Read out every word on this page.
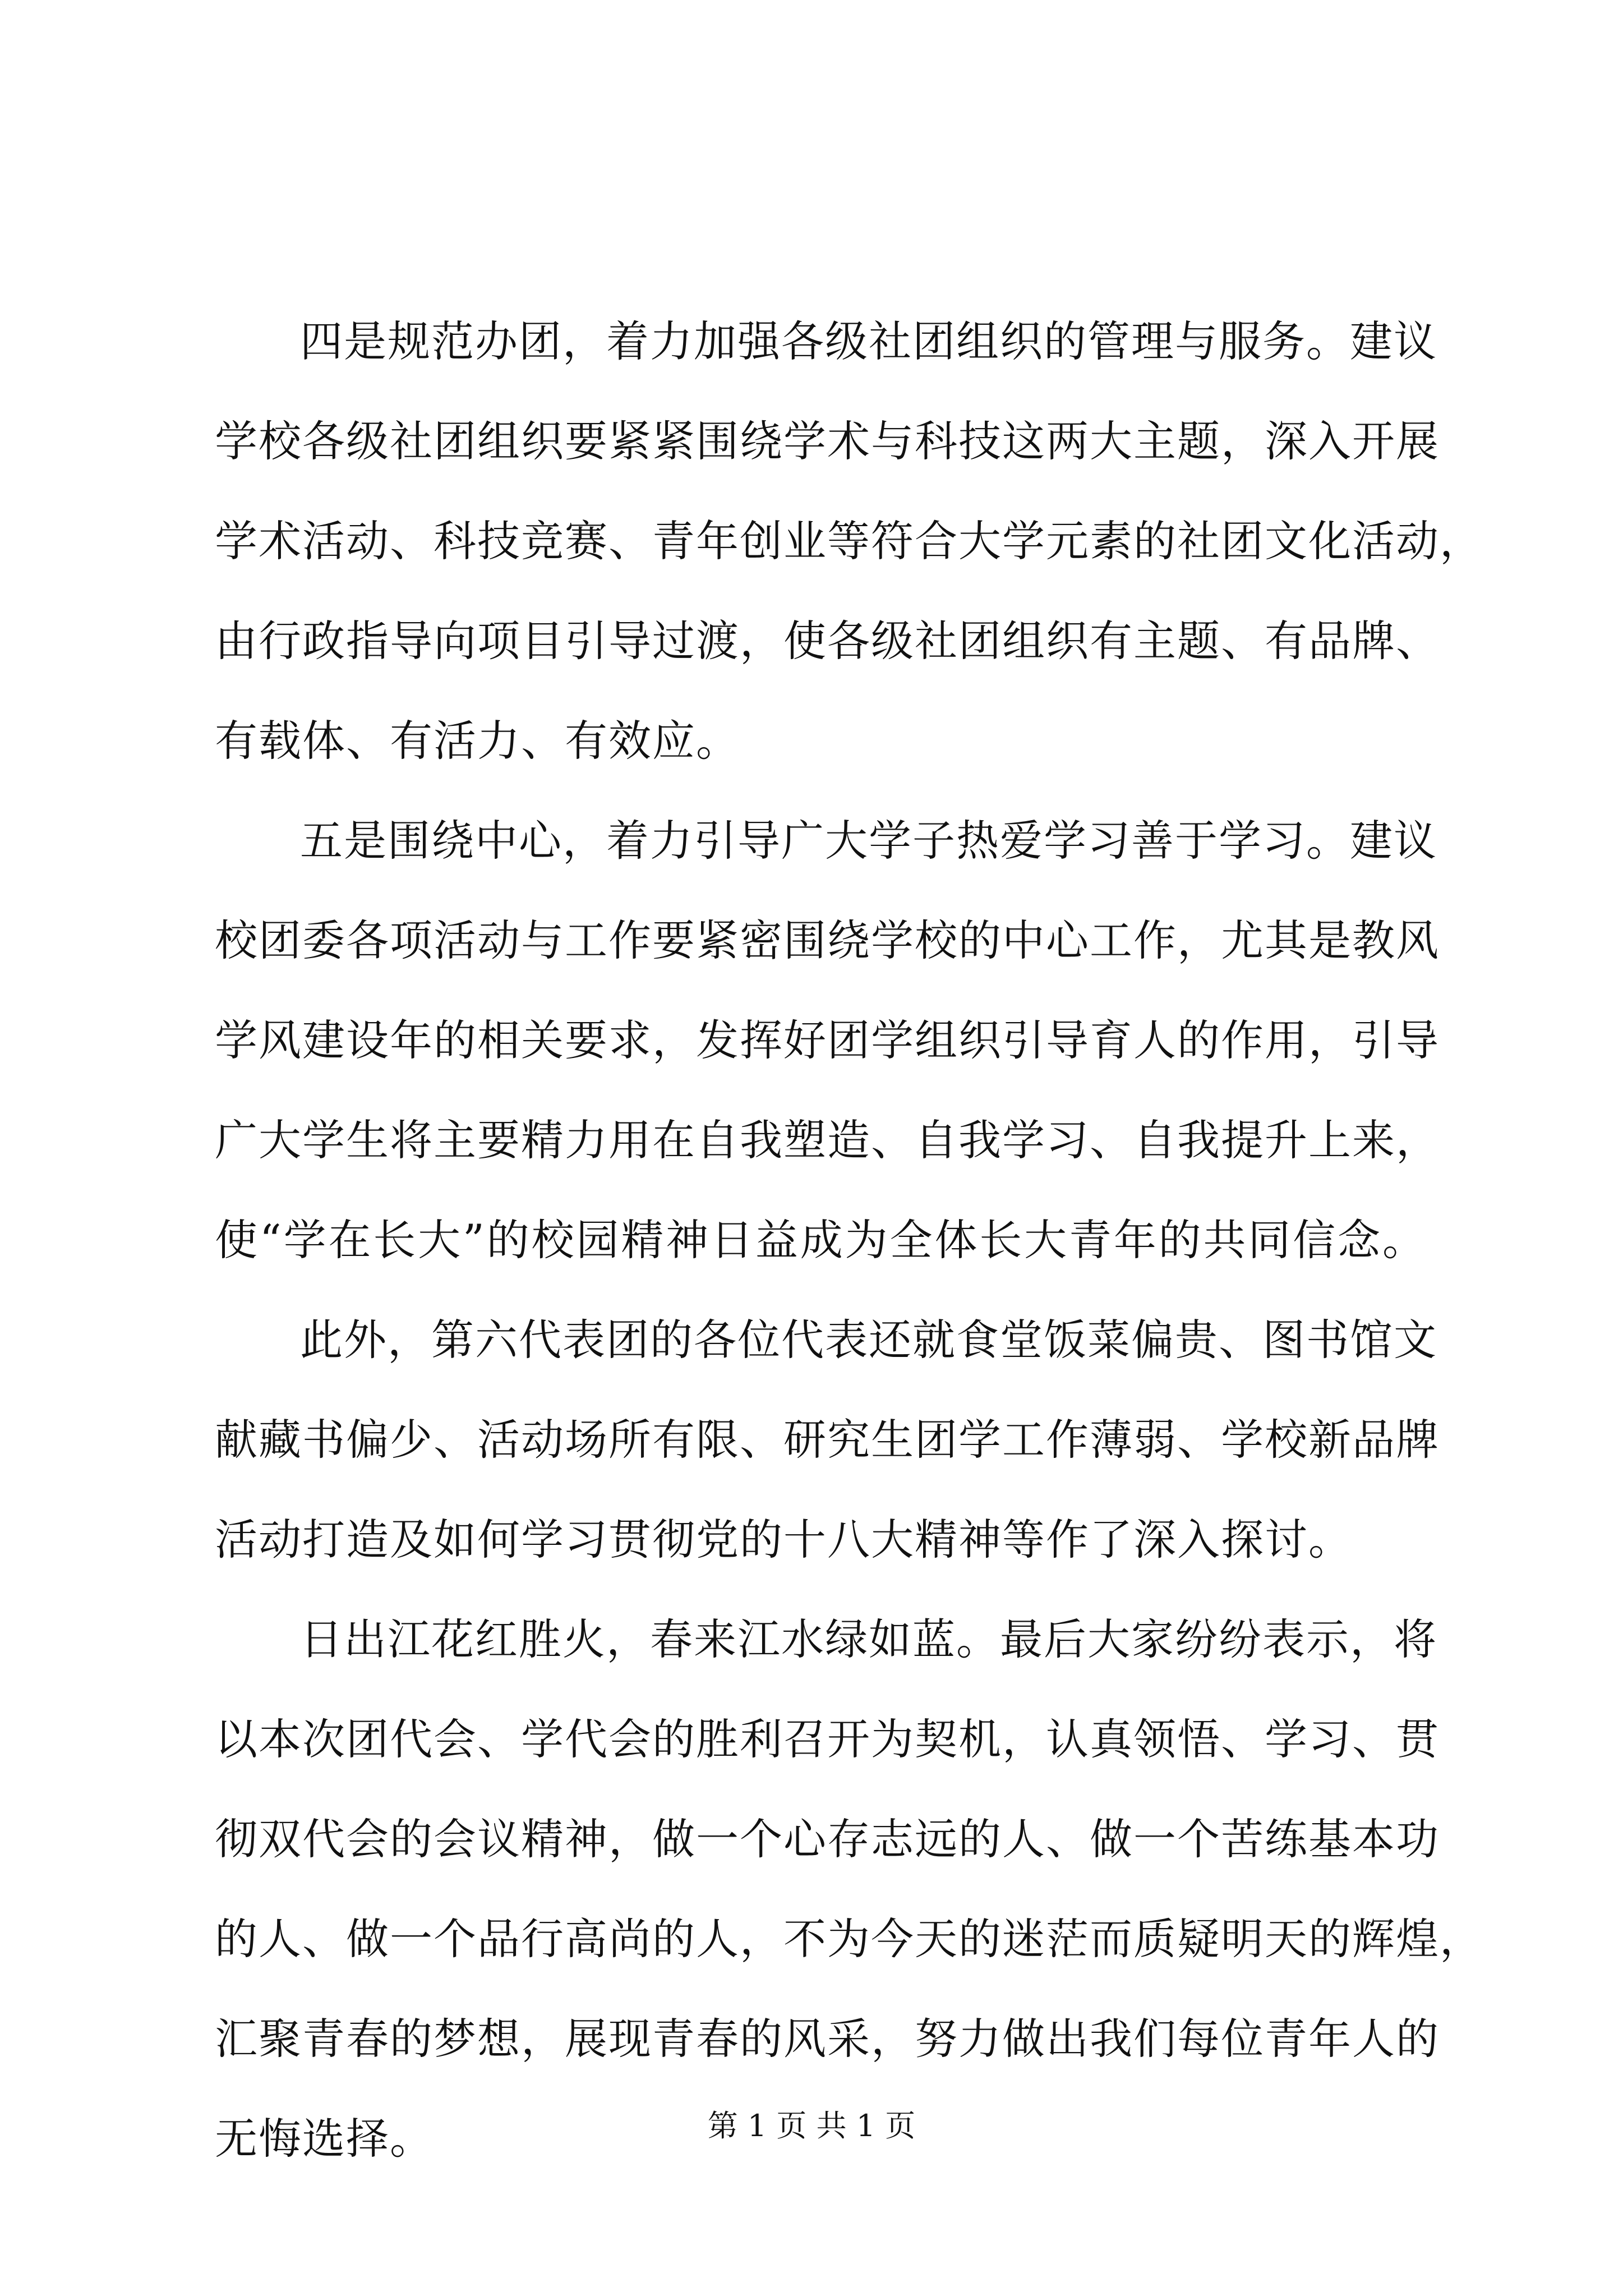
四是规范办团，着力加强各级社团组织的管理与服务。建议
学校各级社团组织要紧紧围绕学术与科技这两大主题，深入开展
学术活动、科技竞赛、青年创业等符合大学元素的社团文化活动，
由行政指导向项目引导过渡，使各级社团组织有主题、有品牌、
有载体、有活力、有效应。
五是围绕中心，着力引导广大学子热爱学习善于学习。建议
校团委各项活动与工作要紧密围绕学校的中心工作，尤其是教风
学风建设年的相关要求，发挥好团学组织引导育人的作用，引导
广大学生将主要精力用在自我塑造、自我学习、自我提升上来，
使“学在长大”的校园精神日益成为全体长大青年的共同信念。
此外，第六代表团的各位代表还就食堂饭菜偏贵、图书馆文
献藏书偏少、活动场所有限、研究生团学工作薄弱、学校新品牌
活动打造及如何学习贯彻党的十八大精神等作了深入探讨。
日出江花红胜火，春来江水绿如蓝。最后大家纷纷表示，将
以本次团代会、学代会的胜利召开为契机，认真领悟、学习、贯
彻双代会的会议精神，做一个心存志远的人、做一个苦练基本功
的人、做一个品行高尚的人，不为今天的迷茫而质疑明天的辉煌，
汇聚青春的梦想，展现青春的风采，努力做出我们每位青年人的
无悔选择。	第 1 页 共 1 页
